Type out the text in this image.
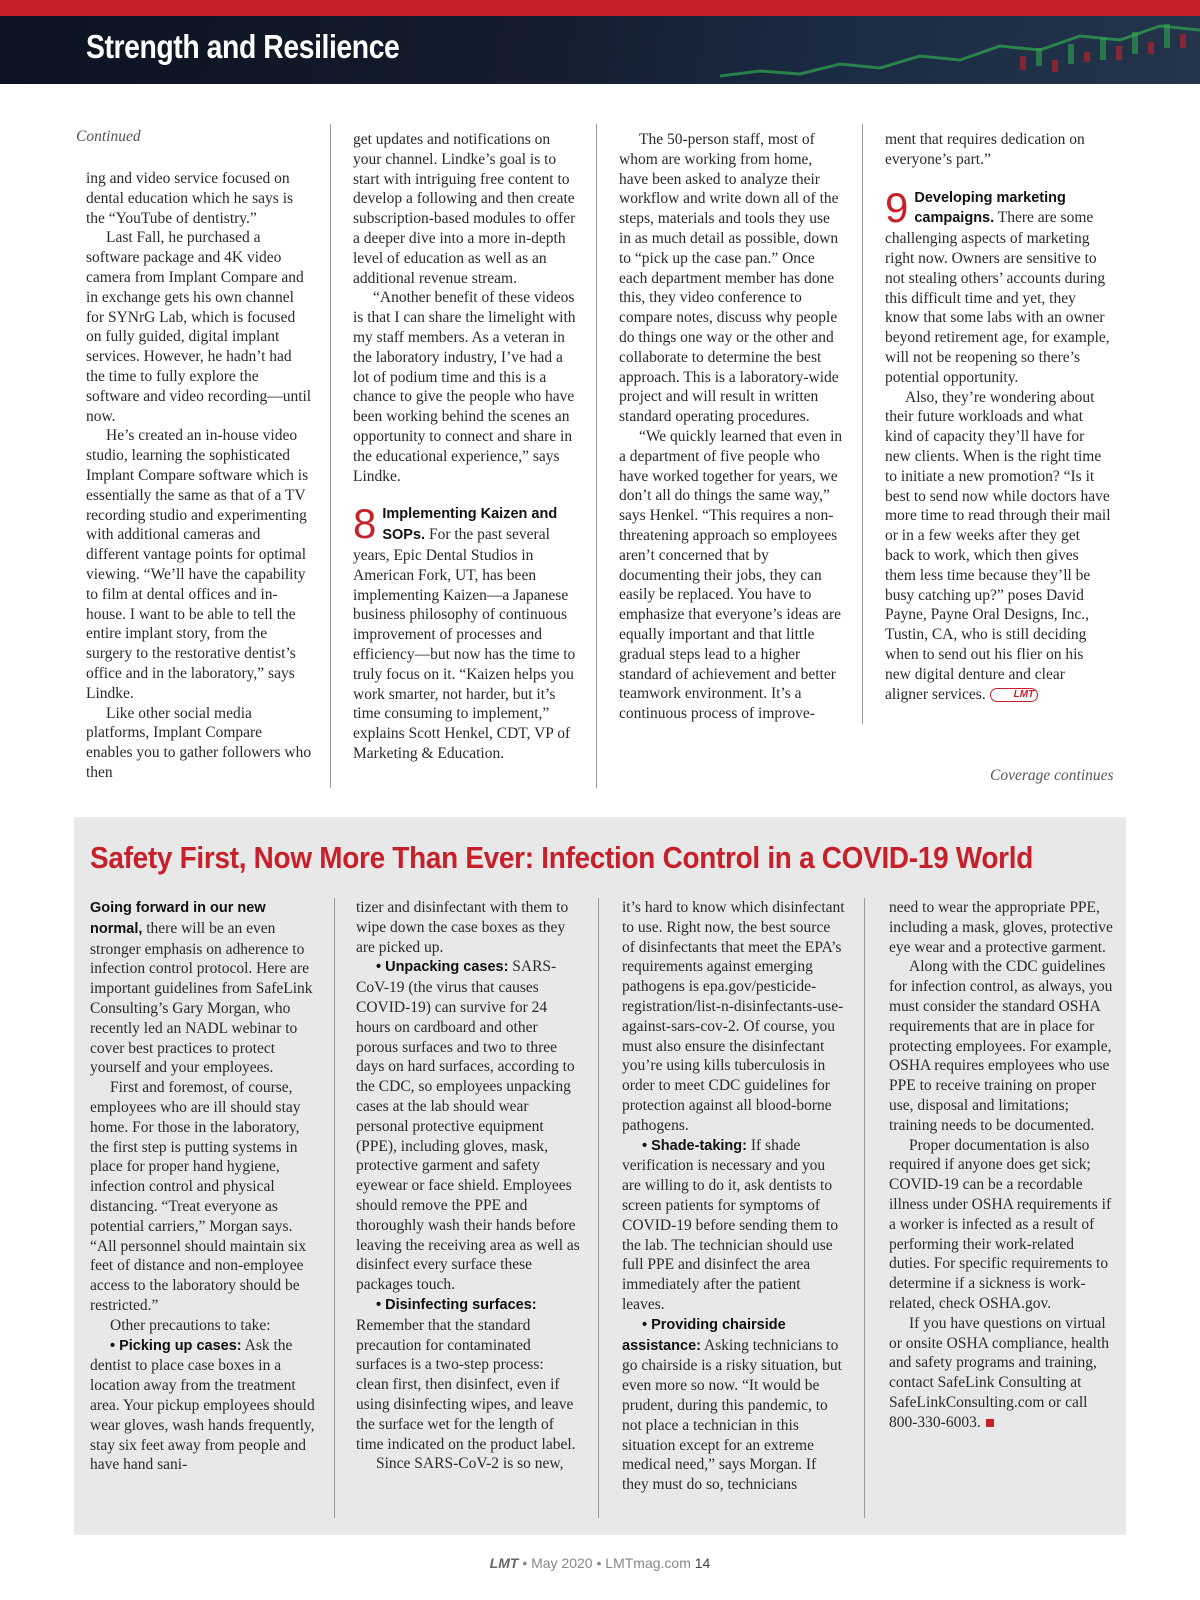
Strength and Resilience
Continued

ing and video service focused on dental education which he says is the “YouTube of dentistry.”

Last Fall, he purchased a software package and 4K video camera from Implant Compare and in exchange gets his own channel for SYNrG Lab, which is focused on fully guided, digital implant services. However, he hadn’t had the time to fully explore the software and video recording—until now.

He’s created an in-house video studio, learning the sophisticated Implant Compare software which is essentially the same as that of a TV recording studio and experimenting with additional cameras and different vantage points for optimal viewing. “We’ll have the capability to film at dental offices and in-house. I want to be able to tell the entire implant story, from the surgery to the restorative dentist’s office and in the laboratory,” says Lindke.

Like other social media platforms, Implant Compare enables you to gather followers who then

get updates and notifications on your channel. Lindke’s goal is to start with intriguing free content to develop a following and then create subscription-based modules to offer a deeper dive into a more in-depth level of education as well as an additional revenue stream.

“Another benefit of these videos is that I can share the limelight with my staff members. As a veteran in the laboratory industry, I’ve had a lot of podium time and this is a chance to give the people who have been working behind the scenes an opportunity to connect and share in the educational experience,” says Lindke.

8 Implementing Kaizen and SOPs. For the past several years, Epic Dental Studios in American Fork, UT, has been implementing Kaizen—a Japanese business philosophy of continuous improvement of processes and efficiency—but now has the time to truly focus on it. “Kaizen helps you work smarter, not harder, but it’s time consuming to implement,” explains Scott Henkel, CDT, VP of Marketing & Education.

The 50-person staff, most of whom are working from home, have been asked to analyze their workflow and write down all of the steps, materials and tools they use in as much detail as possible, down to “pick up the case pan.” Once each department member has done this, they video conference to compare notes, discuss why people do things one way or the other and collaborate to determine the best approach. This is a laboratory-wide project and will result in written standard operating procedures.

“We quickly learned that even in a department of five people who have worked together for years, we don’t all do things the same way,” says Henkel. “This requires a non-threatening approach so employees aren’t concerned that by documenting their jobs, they can easily be replaced. You have to emphasize that everyone’s ideas are equally important and that little gradual steps lead to a higher standard of achievement and better teamwork environment. It’s a continuous process of improve-

ment that requires dedication on everyone’s part.”

9 Developing marketing campaigns. There are some challenging aspects of marketing right now. Owners are sensitive to not stealing others’ accounts during this difficult time and yet, they know that some labs with an owner beyond retirement age, for example, will not be reopening so there’s potential opportunity.

Also, they’re wondering about their future workloads and what kind of capacity they’ll have for new clients. When is the right time to initiate a new promotion? “Is it best to send now while doctors have more time to read through their mail or in a few weeks after they get back to work, which then gives them less time because they’ll be busy catching up?” poses David Payne, Payne Oral Designs, Inc., Tustin, CA, who is still deciding when to send out his flier on his new digital denture and clear aligner services.	LMT

Coverage continues
Safety First, Now More Than Ever: Infection Control in a COVID-19 World

Going forward in our new normal, there will be an even stronger emphasis on adherence to infection control protocol. Here are important guidelines from SafeLink Consulting’s Gary Morgan, who recently led an NADL webinar to cover best practices to protect yourself and your employees.

First and foremost, of course, employees who are ill should stay home. For those in the laboratory, the first step is putting systems in place for proper hand hygiene, infection control and physical distancing. “Treat everyone as potential carriers,” Morgan says. “All personnel should maintain six feet of distance and non-employee access to the laboratory should be restricted.”

Other precautions to take:

• Picking up cases: Ask the dentist to place case boxes in a location away from the treatment area. Your pickup employees should wear gloves, wash hands frequently, stay six feet away from people and have hand sani-

tizer and disinfectant with them to wipe down the case boxes as they are picked up.

• Unpacking cases: SARS-CoV-19 (the virus that causes COVID-19) can survive for 24 hours on cardboard and other porous surfaces and two to three days on hard surfaces, according to the CDC, so employees unpacking cases at the lab should wear personal protective equipment (PPE), including gloves, mask, protective garment and safety eyewear or face shield. Employees should remove the PPE and thoroughly wash their hands before leaving the receiving area as well as disinfect every surface these packages touch.

• Disinfecting surfaces: Remember that the standard precaution for contaminated surfaces is a two-step process: clean first, then disinfect, even if using disinfecting wipes, and leave the surface wet for the length of time indicated on the product label.

Since SARS-CoV-2 is so new,

it’s hard to know which disinfectant to use. Right now, the best source of disinfectants that meet the EPA’s requirements against emerging pathogens is epa.gov/pesticide-registration/list-n-disinfectants-use-against-sars-cov-2. Of course, you must also ensure the disinfectant you’re using kills tuberculosis in order to meet CDC guidelines for protection against all blood-borne pathogens.

• Shade-taking: If shade verification is necessary and you are willing to do it, ask dentists to screen patients for symptoms of COVID-19 before sending them to the lab. The technician should use full PPE and disinfect the area immediately after the patient leaves.

• Providing chairside assistance: Asking technicians to go chairside is a risky situation, but even more so now. “It would be prudent, during this pandemic, to not place a technician in this situation except for an extreme medical need,” says Morgan. If they must do so, technicians

need to wear the appropriate PPE, including a mask, gloves, protective eye wear and a protective garment.

Along with the CDC guidelines for infection control, as always, you must consider the standard OSHA requirements that are in place for protecting employees. For example, OSHA requires employees who use PPE to receive training on proper use, disposal and limitations; training needs to be documented.

Proper documentation is also required if anyone does get sick; COVID-19 can be a recordable illness under OSHA requirements if a worker is infected as a result of performing their work-related duties. For specific requirements to determine if a sickness is work-related, check OSHA.gov.

If you have questions on virtual or onsite OSHA compliance, health and safety programs and training, contact SafeLink Consulting at SafeLinkConsulting.com or call 800-330-6003.

LMT • May 2020 • LMTmag.com 14
